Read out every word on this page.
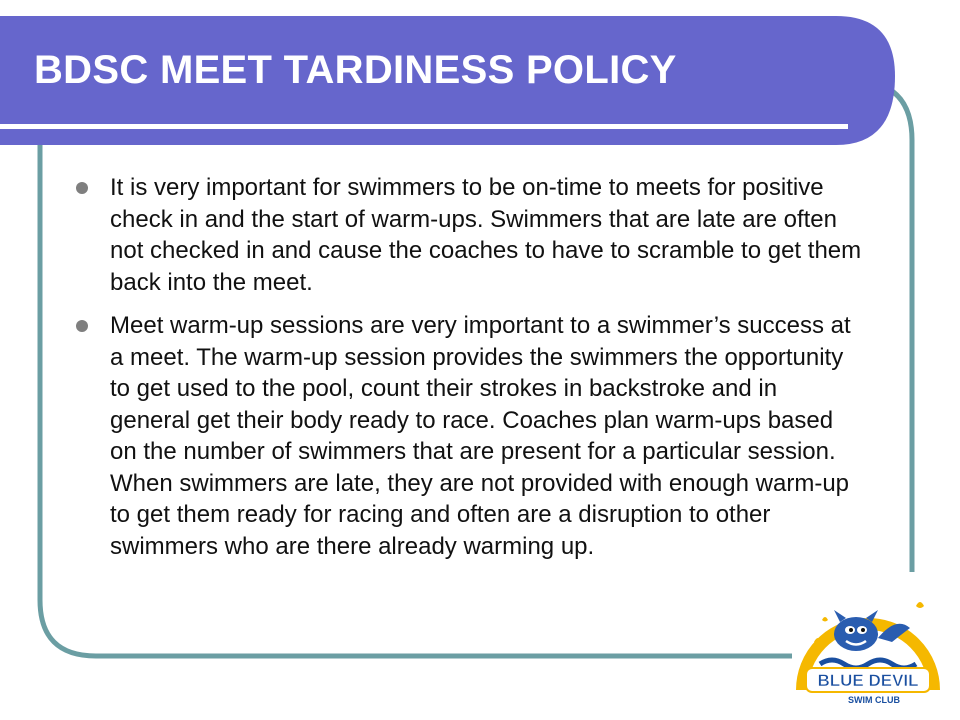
BDSC MEET TARDINESS POLICY
It is very important for swimmers to be on-time to meets for positive check in and the start of warm-ups. Swimmers that are late are often not checked in and cause the coaches to have to scramble to get them back into the meet.
Meet warm-up sessions are very important to a swimmer’s success at a meet. The warm-up session provides the swimmers the opportunity to get used to the pool, count their strokes in backstroke and in general get their body ready to race. Coaches plan warm-ups based on the number of swimmers that are present for a particular session. When swimmers are late, they are not provided with enough warm-up to get them ready for racing and often are a disruption to other swimmers who are there already warming up.
BLUE DEVIL
SWIM CLUB
